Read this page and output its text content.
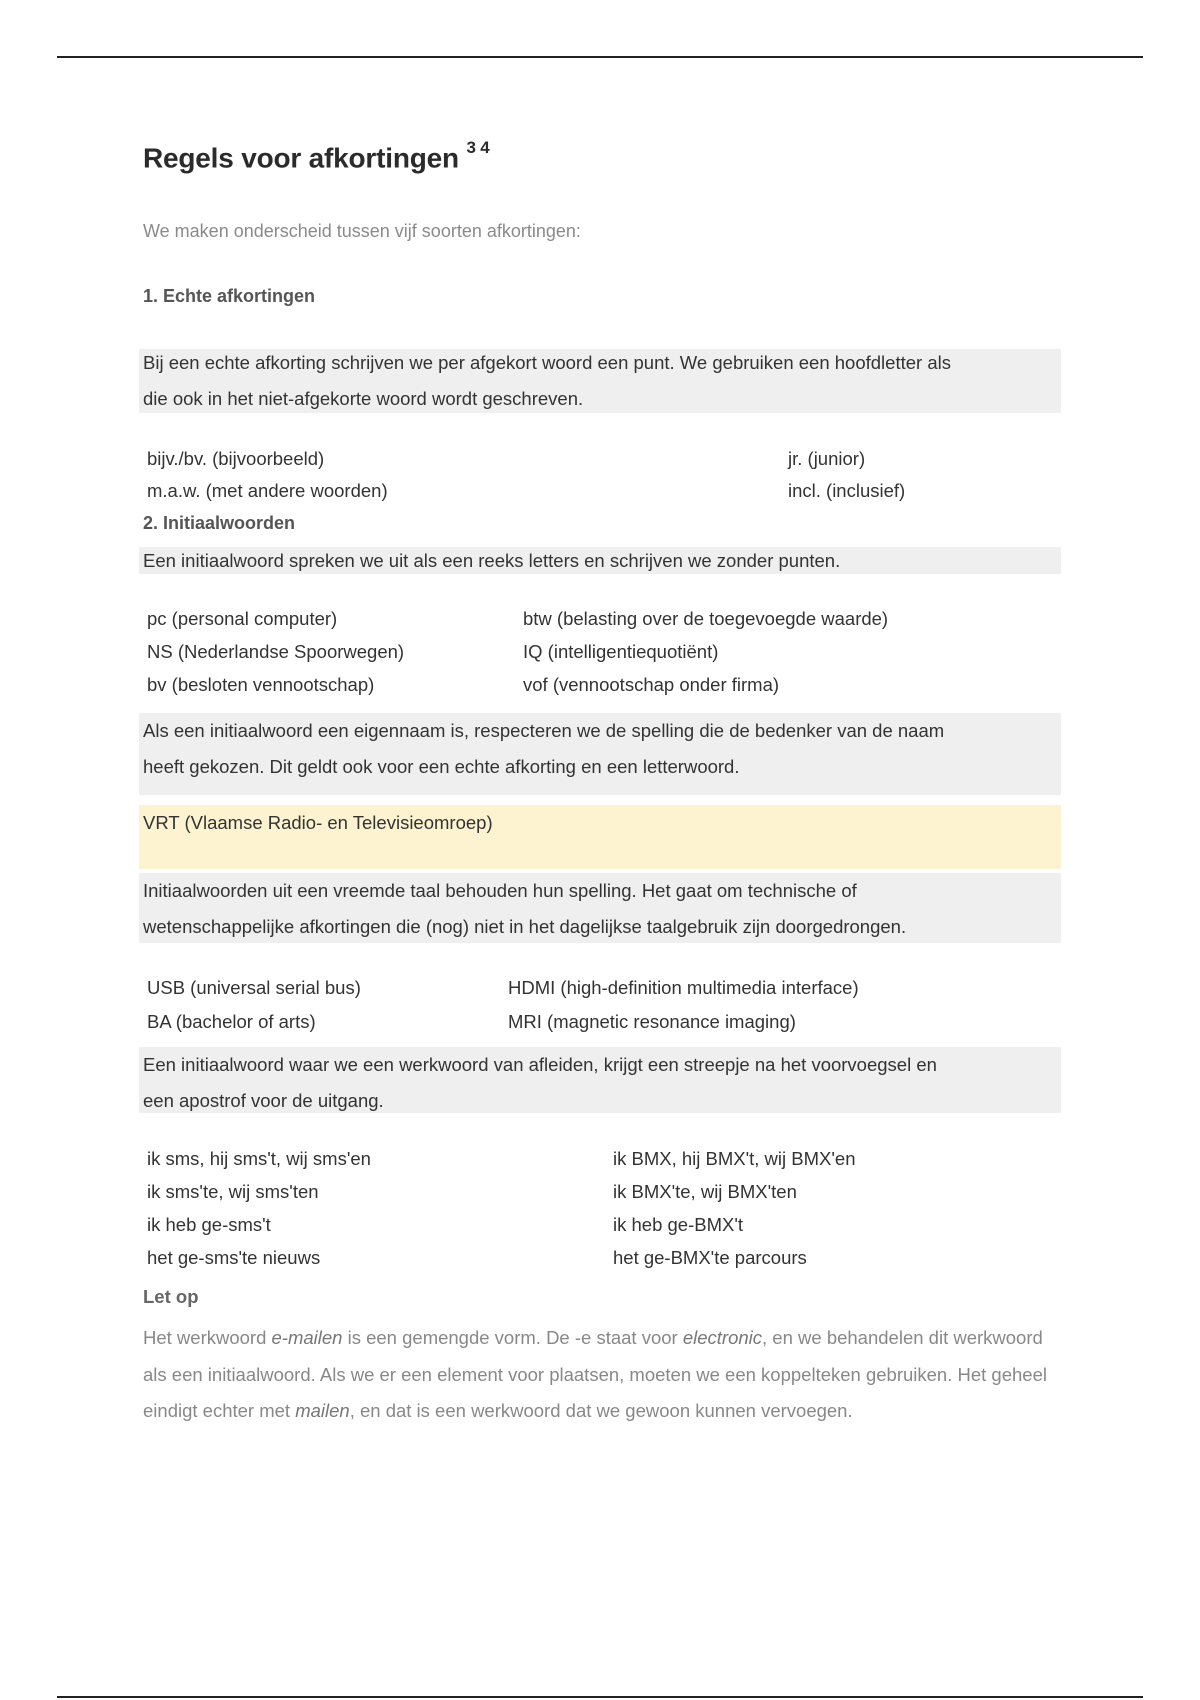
Regels voor afkortingen $^{3 4}$
We maken onderscheid tussen vijf soorten afkortingen:
1. Echte afkortingen
Bij een echte afkorting schrijven we per afgekort woord een punt. We gebruiken een hoofdletter als
die ook in het niet-afgekorte woord wordt geschreven.
bijv./bv. (bijvoorbeeld)
m.a.w. (met andere woorden)
jr. (junior)
incl. (inclusief)
2. Initiaalwoorden
Een initiaalwoord spreken we uit als een reeks letters en schrijven we zonder punten.
pc (personal computer)
NS (Nederlandse Spoorwegen)
bv (besloten vennootschap)
btw (belasting over de toegevoegde waarde)
IQ (intelligentiequotiënt)
vof (vennootschap onder firma)
Als een initiaalwoord een eigennaam is, respecteren we de spelling die de bedenker van de naam
heeft gekozen. Dit geldt ook voor een echte afkorting en een letterwoord.
VRT (Vlaamse Radio- en Televisieomroep)
Initiaalwoorden uit een vreemde taal behouden hun spelling. Het gaat om technische of
wetenschappelijke afkortingen die (nog) niet in het dagelijkse taalgebruik zijn doorgedrongen.
USB (universal serial bus)
BA (bachelor of arts)
HDMI (high-definition multimedia interface)
MRI (magnetic resonance imaging)
Een initiaalwoord waar we een werkwoord van afleiden, krijgt een streepje na het voorvoegsel en
een apostrof voor de uitgang.
ik sms, hij sms't, wij sms'en
ik sms'te, wij sms'ten
ik heb ge-sms't
het ge-sms'te nieuws
ik BMX, hij BMX't, wij BMX'en
ik BMX'te, wij BMX'ten
ik heb ge-BMX't
het ge-BMX'te parcours
Let op
Het werkwoord e-mailen is een gemengde vorm. De -e staat voor electronic, en we behandelen dit werkwoord als een initiaalwoord. Als we er een element voor plaatsen, moeten we een koppelteken gebruiken. Het geheel eindigt echter met mailen, en dat is een werkwoord dat we gewoon kunnen vervoegen.
